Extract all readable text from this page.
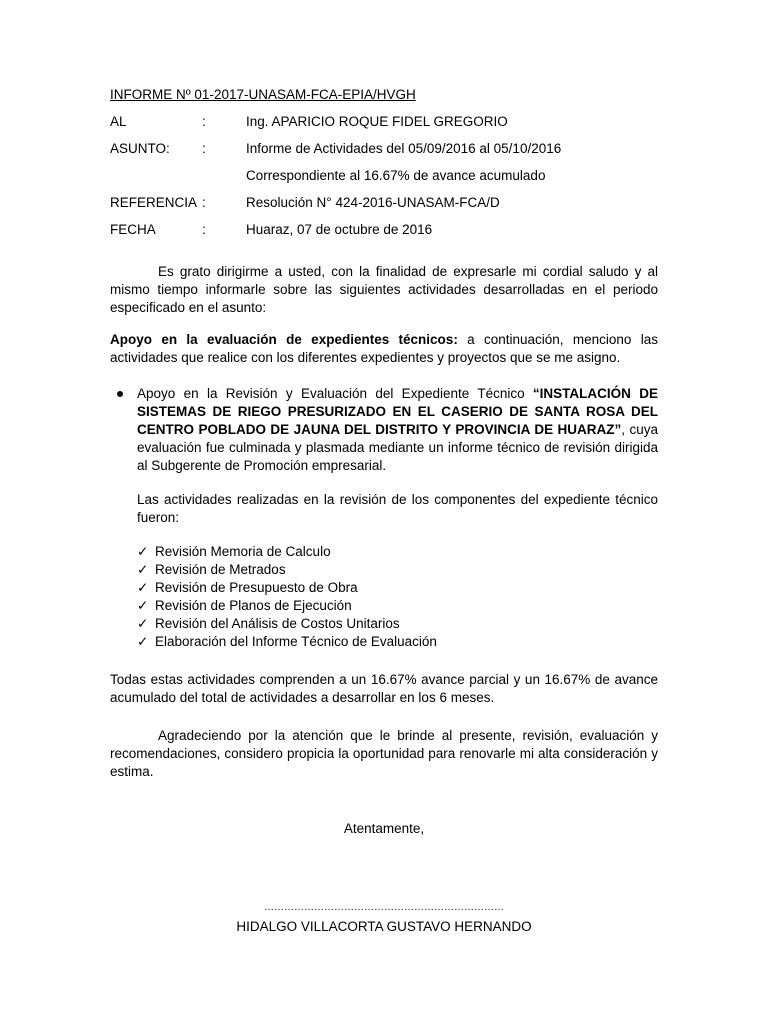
INFORME Nº 01-2017-UNASAM-FCA-EPIA/HVGH
AL	:	Ing. APARICIO ROQUE FIDEL GREGORIO
ASUNTO:	:	Informe de Actividades del 05/09/2016 al 05/10/2016
Correspondiente al 16.67% de avance acumulado
REFERENCIA :	Resolución N° 424-2016-UNASAM-FCA/D
FECHA	:	Huaraz, 07 de octubre de 2016

Es grato dirigirme a usted, con la finalidad de expresarle mi cordial saludo y al mismo tiempo informarle sobre las siguientes actividades desarrolladas en el periodo especificado en el asunto:

Apoyo en la evaluación de expedientes técnicos: a continuación, menciono las actividades que realice con los diferentes expedientes y proyectos que se me asigno.

Apoyo en la Revisión y Evaluación del Expediente Técnico “INSTALACIÓN DE SISTEMAS DE RIEGO PRESURIZADO EN EL CASERIO DE SANTA ROSA DEL CENTRO POBLADO DE JAUNA DEL DISTRITO Y PROVINCIA DE HUARAZ”, cuya evaluación fue culminada y plasmada mediante un informe técnico de revisión dirigida al Subgerente de Promoción empresarial.

Las actividades realizadas en la revisión de los componentes del expediente técnico fueron:

✓ Revisión Memoria de Calculo
✓ Revisión de Metrados
✓ Revisión de Presupuesto de Obra
✓ Revisión de Planos de Ejecución
✓ Revisión del Análisis de Costos Unitarios
✓ Elaboración del Informe Técnico de Evaluación

Todas estas actividades comprenden a un 16.67% avance parcial y un 16.67% de avance acumulado del total de actividades a desarrollar en los 6 meses.

Agradeciendo por la atención que le brinde al presente, revisión, evaluación y recomendaciones, considero propicia la oportunidad para renovarle mi alta consideración y estima.

Atentamente,
………………………………………………………………
HIDALGO VILLACORTA GUSTAVO HERNANDO
